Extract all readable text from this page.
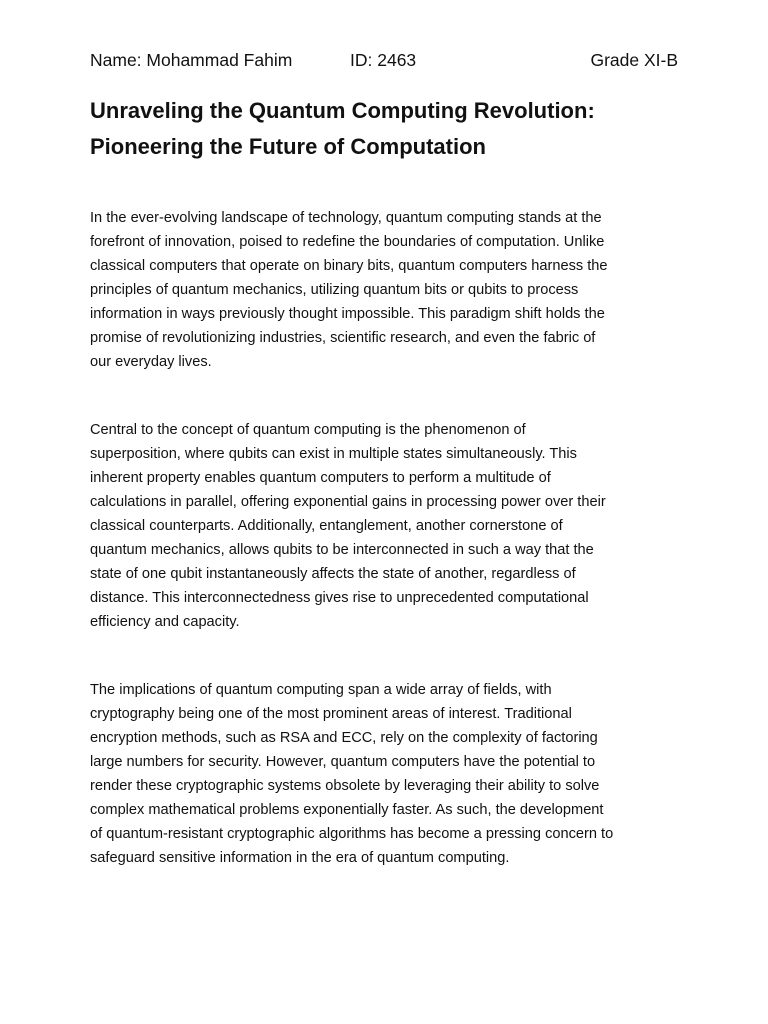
Name: Mohammad Fahim	ID: 2463	Grade XI-B
Unraveling the Quantum Computing Revolution:
Pioneering the Future of Computation

In the ever-evolving landscape of technology, quantum computing stands at the
forefront of innovation, poised to redefine the boundaries of computation. Unlike
classical computers that operate on binary bits, quantum computers harness the
principles of quantum mechanics, utilizing quantum bits or qubits to process
information in ways previously thought impossible. This paradigm shift holds the
promise of revolutionizing industries, scientific research, and even the fabric of
our everyday lives.

Central to the concept of quantum computing is the phenomenon of
superposition, where qubits can exist in multiple states simultaneously. This
inherent property enables quantum computers to perform a multitude of
calculations in parallel, offering exponential gains in processing power over their
classical counterparts. Additionally, entanglement, another cornerstone of
quantum mechanics, allows qubits to be interconnected in such a way that the
state of one qubit instantaneously affects the state of another, regardless of
distance. This interconnectedness gives rise to unprecedented computational
efficiency and capacity.

The implications of quantum computing span a wide array of fields, with
cryptography being one of the most prominent areas of interest. Traditional
encryption methods, such as RSA and ECC, rely on the complexity of factoring
large numbers for security. However, quantum computers have the potential to
render these cryptographic systems obsolete by leveraging their ability to solve
complex mathematical problems exponentially faster. As such, the development
of quantum-resistant cryptographic algorithms has become a pressing concern to
safeguard sensitive information in the era of quantum computing.
